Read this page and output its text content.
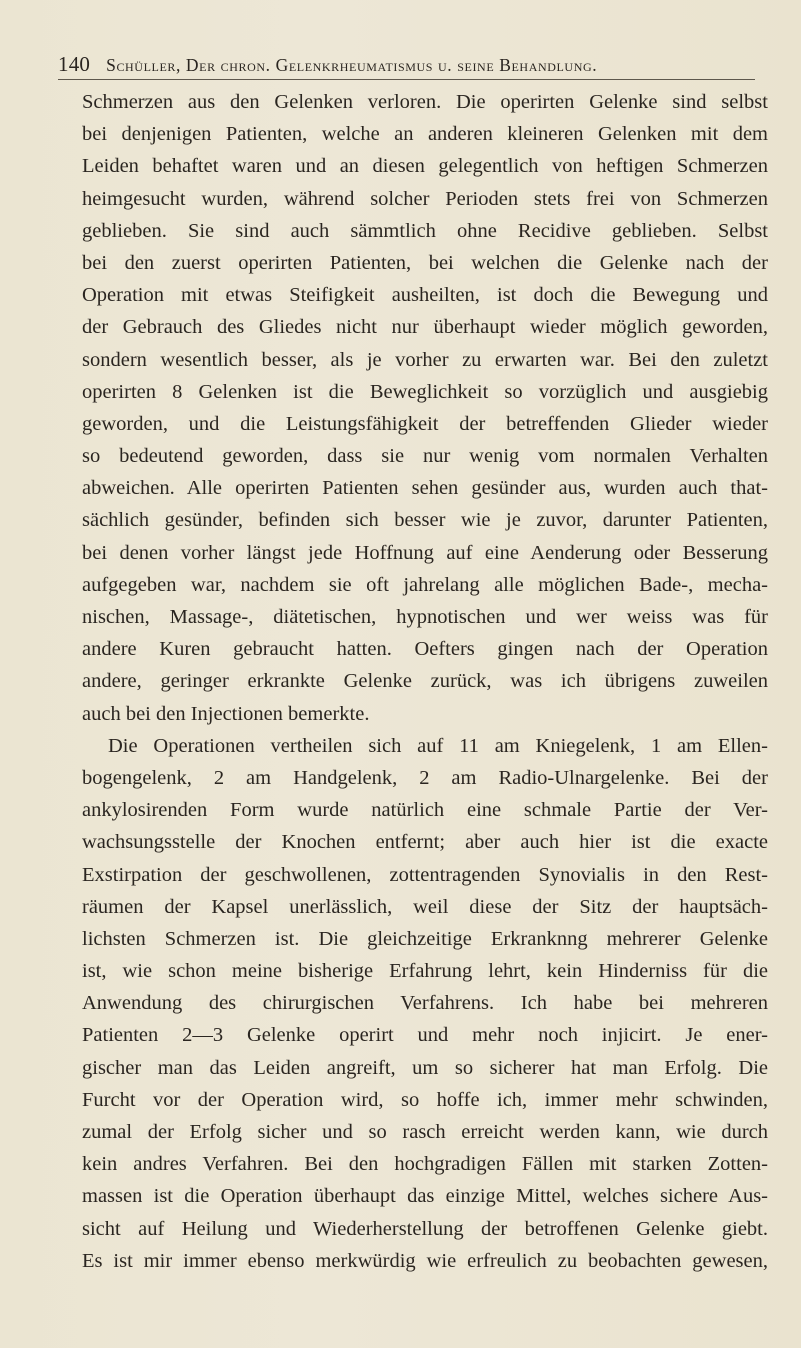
140 Schüller, Der chron. Gelenkrheumatismus u. seine Behandlung.
Schmerzen aus den Gelenken verloren. Die operirten Gelenke sind selbst
bei denjenigen Patienten, welche an anderen kleineren Gelenken mit dem
Leiden behaftet waren und an diesen gelegentlich von heftigen Schmerzen
heimgesucht wurden, während solcher Perioden stets frei von Schmerzen
geblieben. Sie sind auch sämmtlich ohne Recidive geblieben. Selbst
bei den zuerst operirten Patienten, bei welchen die Gelenke nach der
Operation mit etwas Steifigkeit ausheilten, ist doch die Bewegung und
der Gebrauch des Gliedes nicht nur überhaupt wieder möglich geworden,
sondern wesentlich besser, als je vorher zu erwarten war. Bei den zuletzt
operirten 8 Gelenken ist die Beweglichkeit so vorzüglich und ausgiebig
geworden, und die Leistungsfähigkeit der betreffenden Glieder wieder
so bedeutend geworden, dass sie nur wenig vom normalen Verhalten
abweichen. Alle operirten Patienten sehen gesünder aus, wurden auch that-
sächlich gesünder, befinden sich besser wie je zuvor, darunter Patienten,
bei denen vorher längst jede Hoffnung auf eine Aenderung oder Besserung
aufgegeben war, nachdem sie oft jahrelang alle möglichen Bade-, mecha-
nischen, Massage-, diätetischen, hypnotischen und wer weiss was für
andere Kuren gebraucht hatten. Oefters gingen nach der Operation
andere, geringer erkrankte Gelenke zurück, was ich übrigens zuweilen
auch bei den Injectionen bemerkte.
Die Operationen vertheilen sich auf 11 am Kniegelenk, 1 am Ellen-
bogengelenk, 2 am Handgelenk, 2 am Radio-Ulnargelenke. Bei der
ankylosirenden Form wurde natürlich eine schmale Partie der Ver-
wachsungsstelle der Knochen entfernt; aber auch hier ist die exacte
Exstirpation der geschwollenen, zottentragenden Synovialis in den Rest-
räumen der Kapsel unerlässlich, weil diese der Sitz der hauptsäch-
lichsten Schmerzen ist. Die gleichzeitige Erkranknng mehrerer Gelenke
ist, wie schon meine bisherige Erfahrung lehrt, kein Hinderniss für die
Anwendung des chirurgischen Verfahrens. Ich habe bei mehreren
Patienten 2—3 Gelenke operirt und mehr noch injicirt. Je ener-
gischer man das Leiden angreift, um so sicherer hat man Erfolg. Die
Furcht vor der Operation wird, so hoffe ich, immer mehr schwinden,
zumal der Erfolg sicher und so rasch erreicht werden kann, wie durch
kein andres Verfahren. Bei den hochgradigen Fällen mit starken Zotten-
massen ist die Operation überhaupt das einzige Mittel, welches sichere Aus-
sicht auf Heilung und Wiederherstellung der betroffenen Gelenke giebt.
Es ist mir immer ebenso merkwürdig wie erfreulich zu beobachten gewesen,
